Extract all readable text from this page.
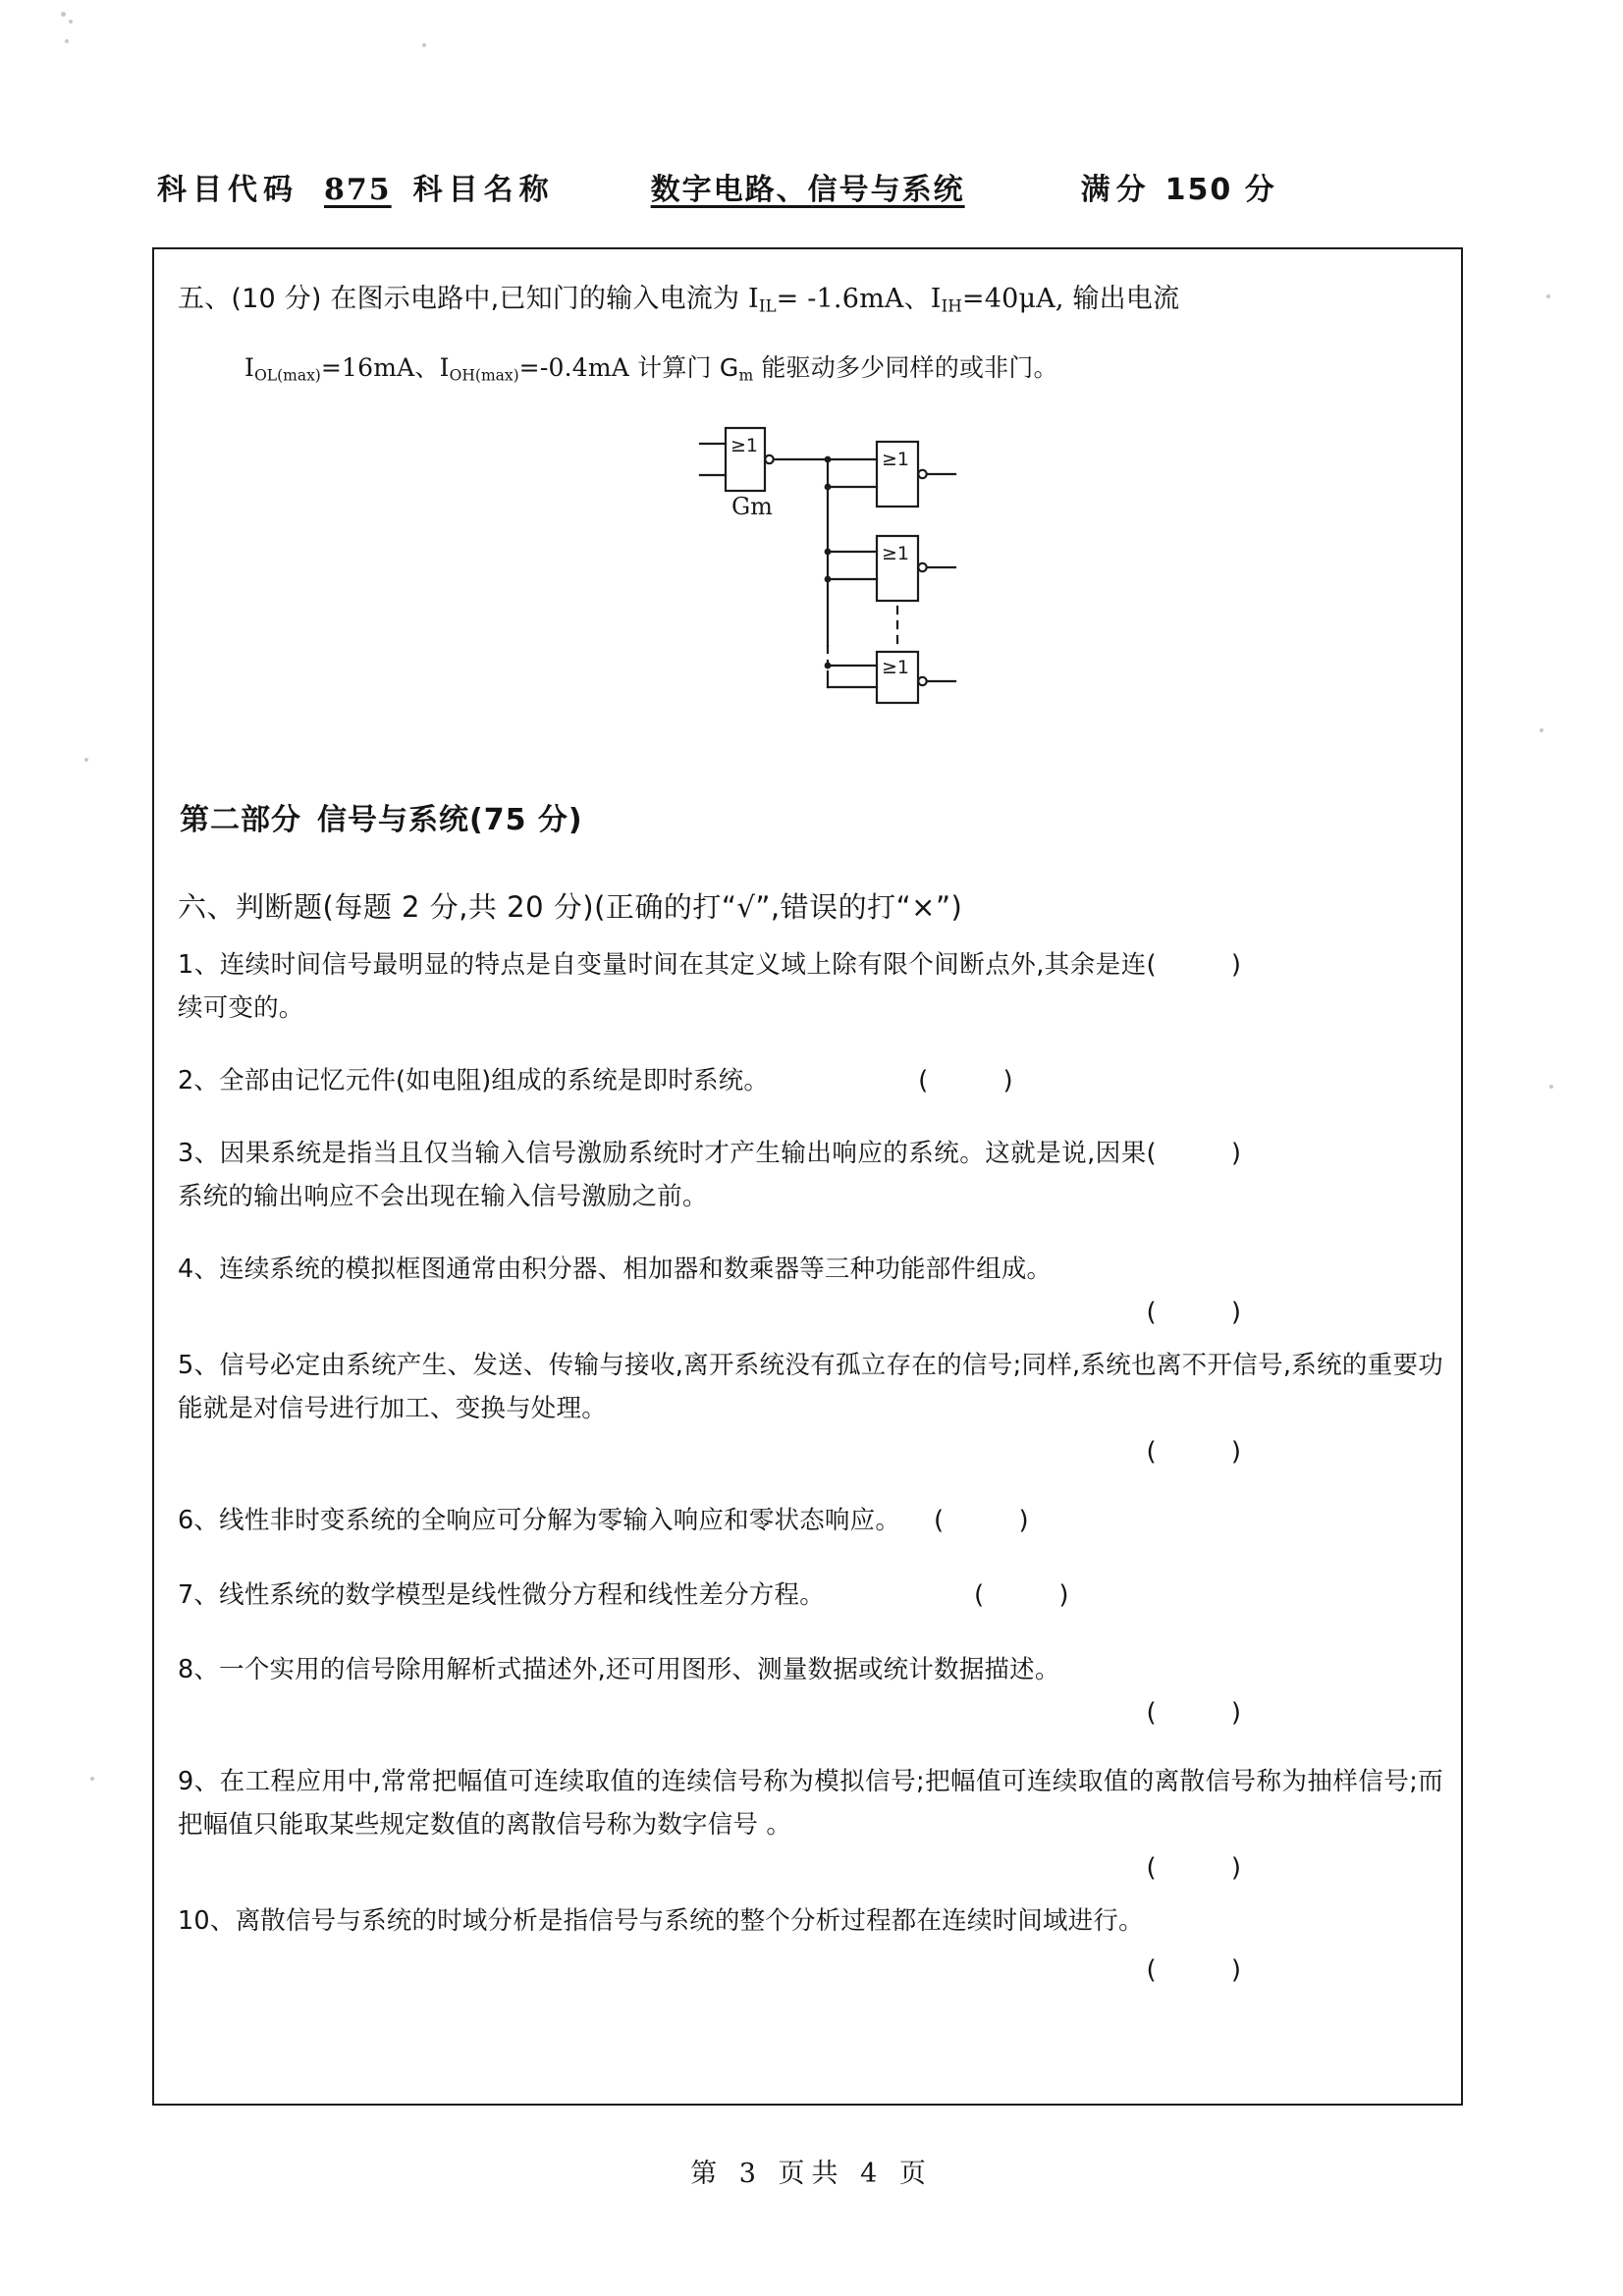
科目代码 875 科目名称	数字电路、信号与系统	满分 150 分
五、(10 分) 在图示电路中,已知门的输入电流为 $I_{IL}= -1.6mA$、$I_{IH}=40\mu A$, 输出电流
$I_{OL(max)}=16mA$、$I_{OH(max)}=-0.4mA$ 计算门 $G_m$ 能驱动多少同样的或非门。
≥1
≥1
≥1
≥1
Gm
第二部分 信号与系统(75 分)
六、判断题(每题 2 分,共 20 分)(正确的打“√”,错误的打“×”)
( )
1、连续时间信号最明显的特点是自变量时间在其定义域上除有限个间断点外,其余是连续可变的。
2、全部由记忆元件(如电阻)组成的系统是即时系统。	( )
( )
3、因果系统是指当且仅当输入信号激励系统时才产生输出响应的系统。这就是说,因果系统的输出响应不会出现在输入信号激励之前。
4、连续系统的模拟框图通常由积分器、相加器和数乘器等三种功能部件组成。
( )
5、信号必定由系统产生、发送、传输与接收,离开系统没有孤立存在的信号;同样,系统也离不开信号,系统的重要功能就是对信号进行加工、变换与处理。
( )
6、线性非时变系统的全响应可分解为零输入响应和零状态响应。 ( )
7、线性系统的数学模型是线性微分方程和线性差分方程。	( )
8、一个实用的信号除用解析式描述外,还可用图形、测量数据或统计数据描述。
( )
9、在工程应用中,常常把幅值可连续取值的连续信号称为模拟信号;把幅值可连续取值的离散信号称为抽样信号;而把幅值只能取某些规定数值的离散信号称为数字信号 。
( )
10、离散信号与系统的时域分析是指信号与系统的整个分析过程都在连续时间域进行。
( )
第 3 页共 4 页
